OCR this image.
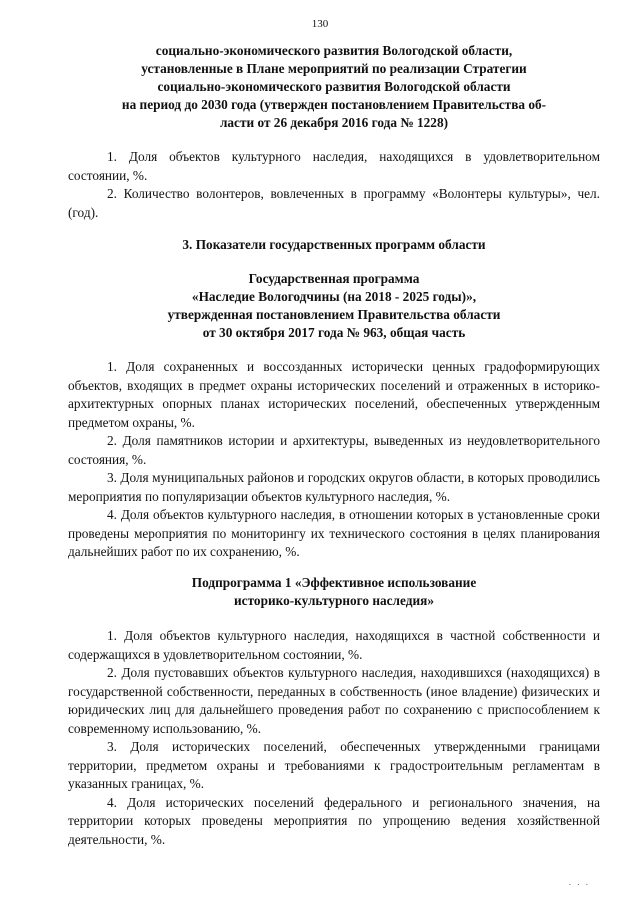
130
социально-экономического развития Вологодской области,
установленные в Плане мероприятий по реализации Стратегии
социально-экономического развития Вологодской области
на период до 2030 года (утвержден постановлением Правительства об-
ласти от 26 декабря 2016 года № 1228)

1. Доля объектов культурного наследия, находящихся в удовлетворительном состоянии, %.

2. Количество волонтеров, вовлеченных в программу «Волонтеры культуры», чел. (год).

3. Показатели государственных программ области
Государственная программа
«Наследие Вологодчины (на 2018 - 2025 годы)»,
утвержденная постановлением Правительства области
от 30 октября 2017 года № 963, общая часть

1. Доля сохраненных и воссозданных исторически ценных градоформирующих объектов, входящих в предмет охраны исторических поселений и отраженных в историко-архитектурных опорных планах исторических поселений, обеспеченных утвержденным предметом охраны, %.

2. Доля памятников истории и архитектуры, выведенных из неудовлетворительного состояния, %.

3. Доля муниципальных районов и городских округов области, в которых проводились мероприятия по популяризации объектов культурного наследия, %.

4. Доля объектов культурного наследия, в отношении которых в установленные сроки проведены мероприятия по мониторингу их технического состояния в целях планирования дальнейших работ по их сохранению, %.

Подпрограмма 1 «Эффективное использование
историко-культурного наследия»

1. Доля объектов культурного наследия, находящихся в частной собственности и содержащихся в удовлетворительном состоянии, %.

2. Доля пустовавших объектов культурного наследия, находившихся (находящихся) в государственной собственности, переданных в собственность (иное владение) физических и юридических лиц для дальнейшего проведения работ по сохранению с приспособлением к современному использованию, %.

3. Доля исторических поселений, обеспеченных утвержденными границами территории, предметом охраны и требованиями к градостроительным регламентам в указанных границах, %.

4. Доля исторических поселений федерального и регионального значения, на территории которых проведены мероприятия по упрощению ведения хозяйственной деятельности, %.

. . .
